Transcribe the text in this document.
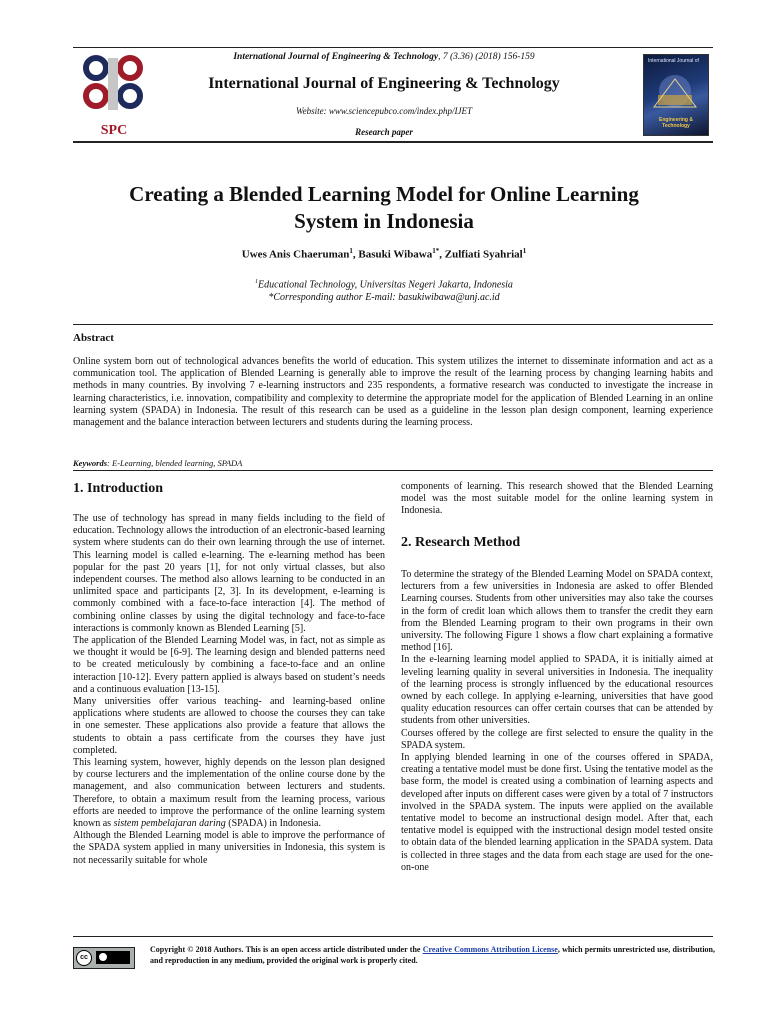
SPC
International Journal of
Engineering & Technology
International Journal of Engineering & Technology, 7 (3.36) (2018) 156-159
International Journal of Engineering & Technology
Website: www.sciencepubco.com/index.php/IJET
Research paper
Creating a Blended Learning Model for Online Learning
System in Indonesia
Uwes Anis Chaeruman$^1$, Basuki Wibawa$^{1*}$, Zulfiati Syahrial$^1$
$^1$Educational Technology, Universitas Negeri Jakarta, Indonesia
*Corresponding author E-mail: basukiwibawa@unj.ac.id
Abstract
Online system born out of technological advances benefits the world of education. This system utilizes the internet to disseminate information and act as a communication tool. The application of Blended Learning is generally able to improve the result of the learning process by changing learning habits and methods in many countries. By involving 7 e-learning instructors and 235 respondents, a formative research was conducted to investigate the increase in learning characteristics, i.e. innovation, compatibility and complexity to determine the appropriate model for the application of Blended Learning in an online learning system (SPADA) in Indonesia. The result of this research can be used as a guideline in the lesson plan design component, learning experience management and the balance interaction between lecturers and students during the learning process.
Keywords: E-Learning, blended learning, SPADA
1. Introduction

The use of technology has spread in many fields including to the field of education. Technology allows the introduction of an electronic-based learning system where students can do their own learning through the use of internet. This learning model is called e-learning. The e-learning method has been popular for the past 20 years [1], for not only virtual classes, but also independent courses. The method also allows learning to be conducted in an unlimited space and participants [2, 3]. In its development, e-learning is commonly combined with a face-to-face interaction [4]. The method of combining online classes by using the digital technology and face-to-face interactions is commonly known as Blended Learning [5].

The application of the Blended Learning Model was, in fact, not as simple as we thought it would be [6-9]. The learning design and blended patterns need to be created meticulously by combining a face-to-face and an online interaction [10-12]. Every pattern applied is always based on student’s needs and a continuous evaluation [13-15].

Many universities offer various teaching- and learning-based online applications where students are allowed to choose the courses they can take in one semester. These applications also provide a feature that allows the students to obtain a pass certificate from the courses they have just completed.

This learning system, however, highly depends on the lesson plan designed by course lecturers and the implementation of the online course done by the management, and also communication between lecturers and students. Therefore, to obtain a maximum result from the learning process, various efforts are needed to improve the performance of the online learning system known as sistem pembelajaran daring (SPADA) in Indonesia.

Although the Blended Learning model is able to improve the performance of the SPADA system applied in many universities in Indonesia, this system is not necessarily suitable for whole

components of learning. This research showed that the Blended Learning model was the most suitable model for the online learning system in Indonesia.

2. Research Method

To determine the strategy of the Blended Learning Model on SPADA context, lecturers from a few universities in Indonesia are asked to offer Blended Learning courses. Students from other universities may also take the courses in the form of credit loan which allows them to transfer the credit they earn from the Blended Learning program to their own programs in their own university. The following Figure 1 shows a flow chart explaining a formative method [16].

In the e-learning learning model applied to SPADA, it is initially aimed at leveling learning quality in several universities in Indonesia. The inequality of the learning process is strongly influenced by the educational resources owned by each college. In applying e-learning, universities that have good quality education resources can offer certain courses that can be attended by students from other universities.

Courses offered by the college are first selected to ensure the quality in the SPADA system.

In applying blended learning in one of the courses offered in SPADA, creating a tentative model must be done first. Using the tentative model as the base form, the model is created using a combination of learning aspects and developed after inputs on different cases were given by a total of 7 instructors involved in the SPADA system. The inputs were applied on the available tentative model to become an instructional design model. After that, each tentative model is equipped with the instructional design model tested onsite to obtain data of the blended learning application in the SPADA system. Data is collected in three stages and the data from each stage are used for the one-on-one

cc
Copyright © 2018 Authors. This is an open access article distributed under the Creative Commons Attribution License, which permits unrestricted use, distribution, and reproduction in any medium, provided the original work is properly cited.
